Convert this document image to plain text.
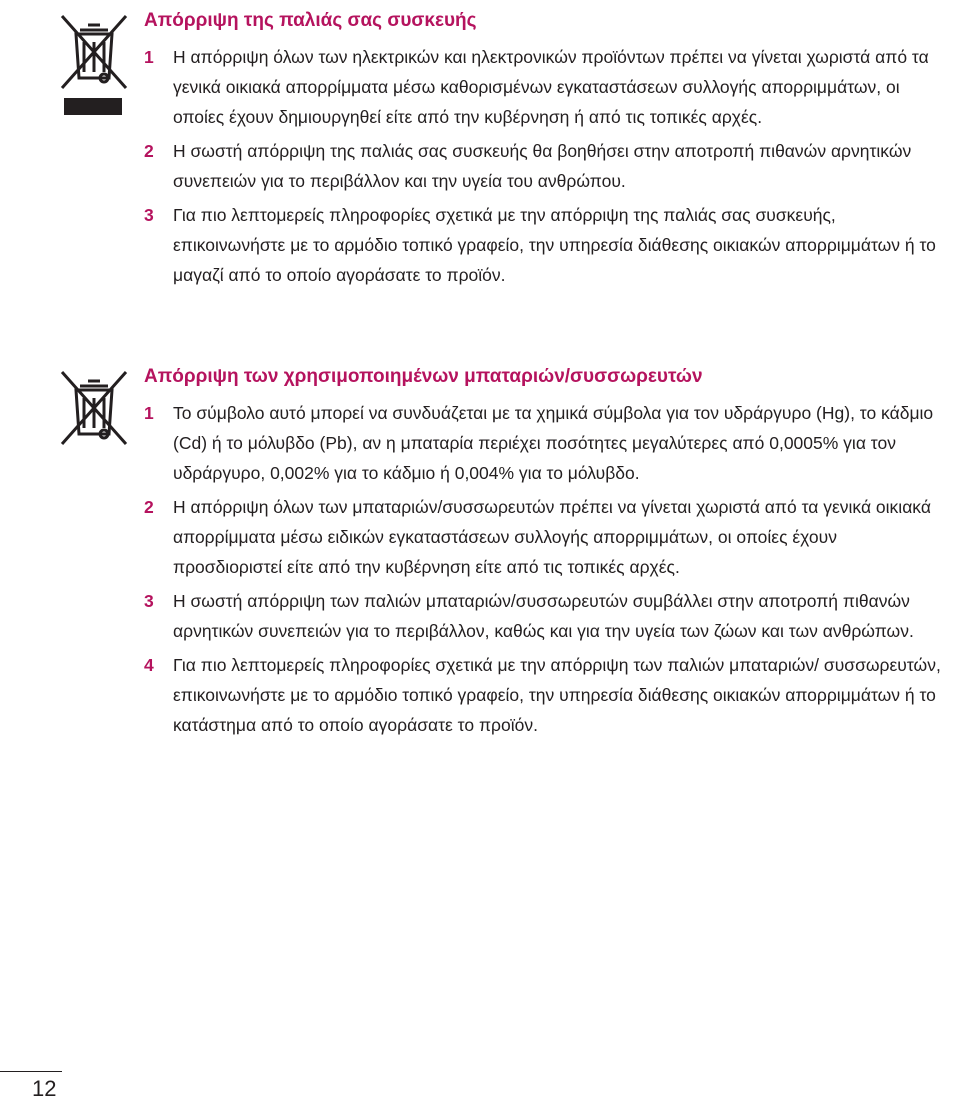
Απόρριψη της παλιάς σας συσκευής
1 Η απόρριψη όλων των ηλεκτρικών και ηλεκτρονικών προϊόντων πρέπει να γίνεται χωριστά από τα γενικά οικιακά απορρίμματα μέσω καθορισμένων εγκαταστάσεων συλλογής απορριμμάτων, οι οποίες έχουν δημιουργηθεί είτε από την κυβέρνηση ή από τις τοπικές αρχές.
2 Η σωστή απόρριψη της παλιάς σας συσκευής θα βοηθήσει στην αποτροπή πιθανών αρνητικών συνεπειών για το περιβάλλον και την υγεία του ανθρώπου.
3 Για πιο λεπτομερείς πληροφορίες σχετικά με την απόρριψη της παλιάς σας συσκευής, επικοινωνήστε με το αρμόδιο τοπικό γραφείο, την υπηρεσία διάθεσης οικιακών απορριμμάτων ή το μαγαζί από το οποίο αγοράσατε το προϊόν.
Απόρριψη των χρησιμοποιημένων μπαταριών/συσσωρευτών
1 Το σύμβολο αυτό μπορεί να συνδυάζεται με τα χημικά σύμβολα για τον υδράργυρο (Hg), το κάδμιο (Cd) ή το μόλυβδο (Pb), αν η μπαταρία περιέχει ποσότητες μεγαλύτερες από 0,0005% για τον υδράργυρο, 0,002% για το κάδμιο ή 0,004% για το μόλυβδο.
2 Η απόρριψη όλων των μπαταριών/συσσωρευτών πρέπει να γίνεται χωριστά από τα γενικά οικιακά απορρίμματα μέσω ειδικών εγκαταστάσεων συλλογής απορριμμάτων, οι οποίες έχουν προσδιοριστεί είτε από την κυβέρνηση είτε από τις τοπικές αρχές.
3 Η σωστή απόρριψη των παλιών μπαταριών/συσσωρευτών συμβάλλει στην αποτροπή πιθανών αρνητικών συνεπειών για το περιβάλλον, καθώς και για την υγεία των ζώων και των ανθρώπων.
4 Για πιο λεπτομερείς πληροφορίες σχετικά με την απόρριψη των παλιών μπαταριών/ συσσωρευτών, επικοινωνήστε με το αρμόδιο τοπικό γραφείο, την υπηρεσία διάθεσης οικιακών απορριμμάτων ή το κατάστημα από το οποίο αγοράσατε το προϊόν.
12
